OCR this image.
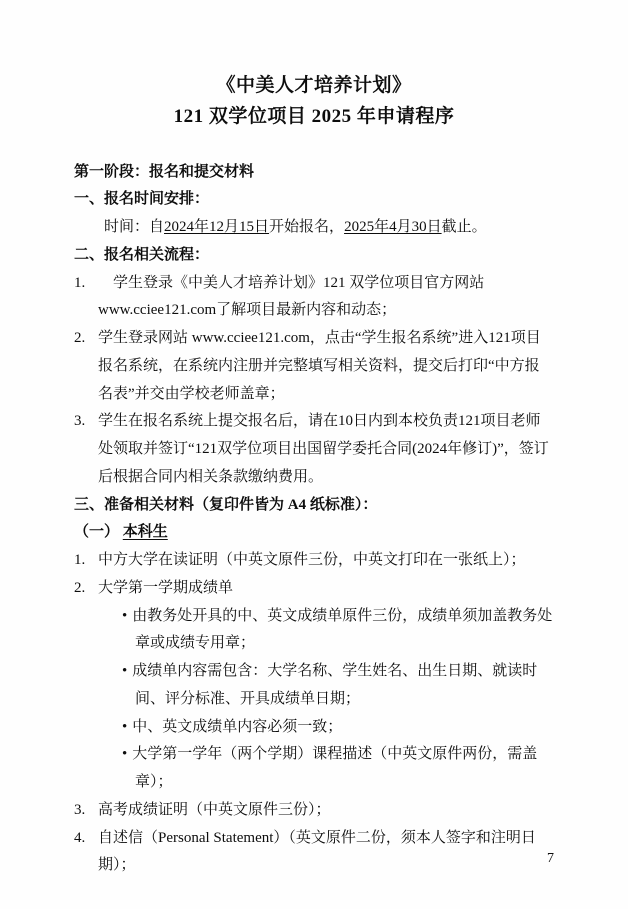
《中美人才培养计划》
121 双学位项目 2025 年申请程序
第一阶段：报名和提交材料
一、报名时间安排：
时间：自2024年12月15日开始报名，2025年4月30日截止。
二、报名相关流程：
1. 　学生登录《中美人才培养计划》121 双学位项目官方网站 www.cciee121.com了解项目最新内容和动态；
2. 学生登录网站 www.cciee121.com，点击“学生报名系统”进入121项目报名系统，在系统内注册并完整填写相关资料，提交后打印“中方报名表”并交由学校老师盖章；
3. 学生在报名系统上提交报名后，请在10日内到本校负责121项目老师处领取并签订“121双学位项目出国留学委托合同(2024年修订)”，签订后根据合同内相关条款缴纳费用。
三、准备相关材料（复印件皆为 A4 纸标准）：
（一） 本科生
1. 中方大学在读证明（中英文原件三份，中英文打印在一张纸上）；
2. 大学第一学期成绩单
• 由教务处开具的中、英文成绩单原件三份，成绩单须加盖教务处章或成绩专用章；
• 成绩单内容需包含：大学名称、学生姓名、出生日期、就读时间、评分标准、开具成绩单日期；
• 中、英文成绩单内容必须一致；
• 大学第一学年（两个学期）课程描述（中英文原件两份，需盖章）；
3. 高考成绩证明（中英文原件三份）；
4. 自述信（Personal Statement）（英文原件二份，须本人签字和注明日期）；	7
